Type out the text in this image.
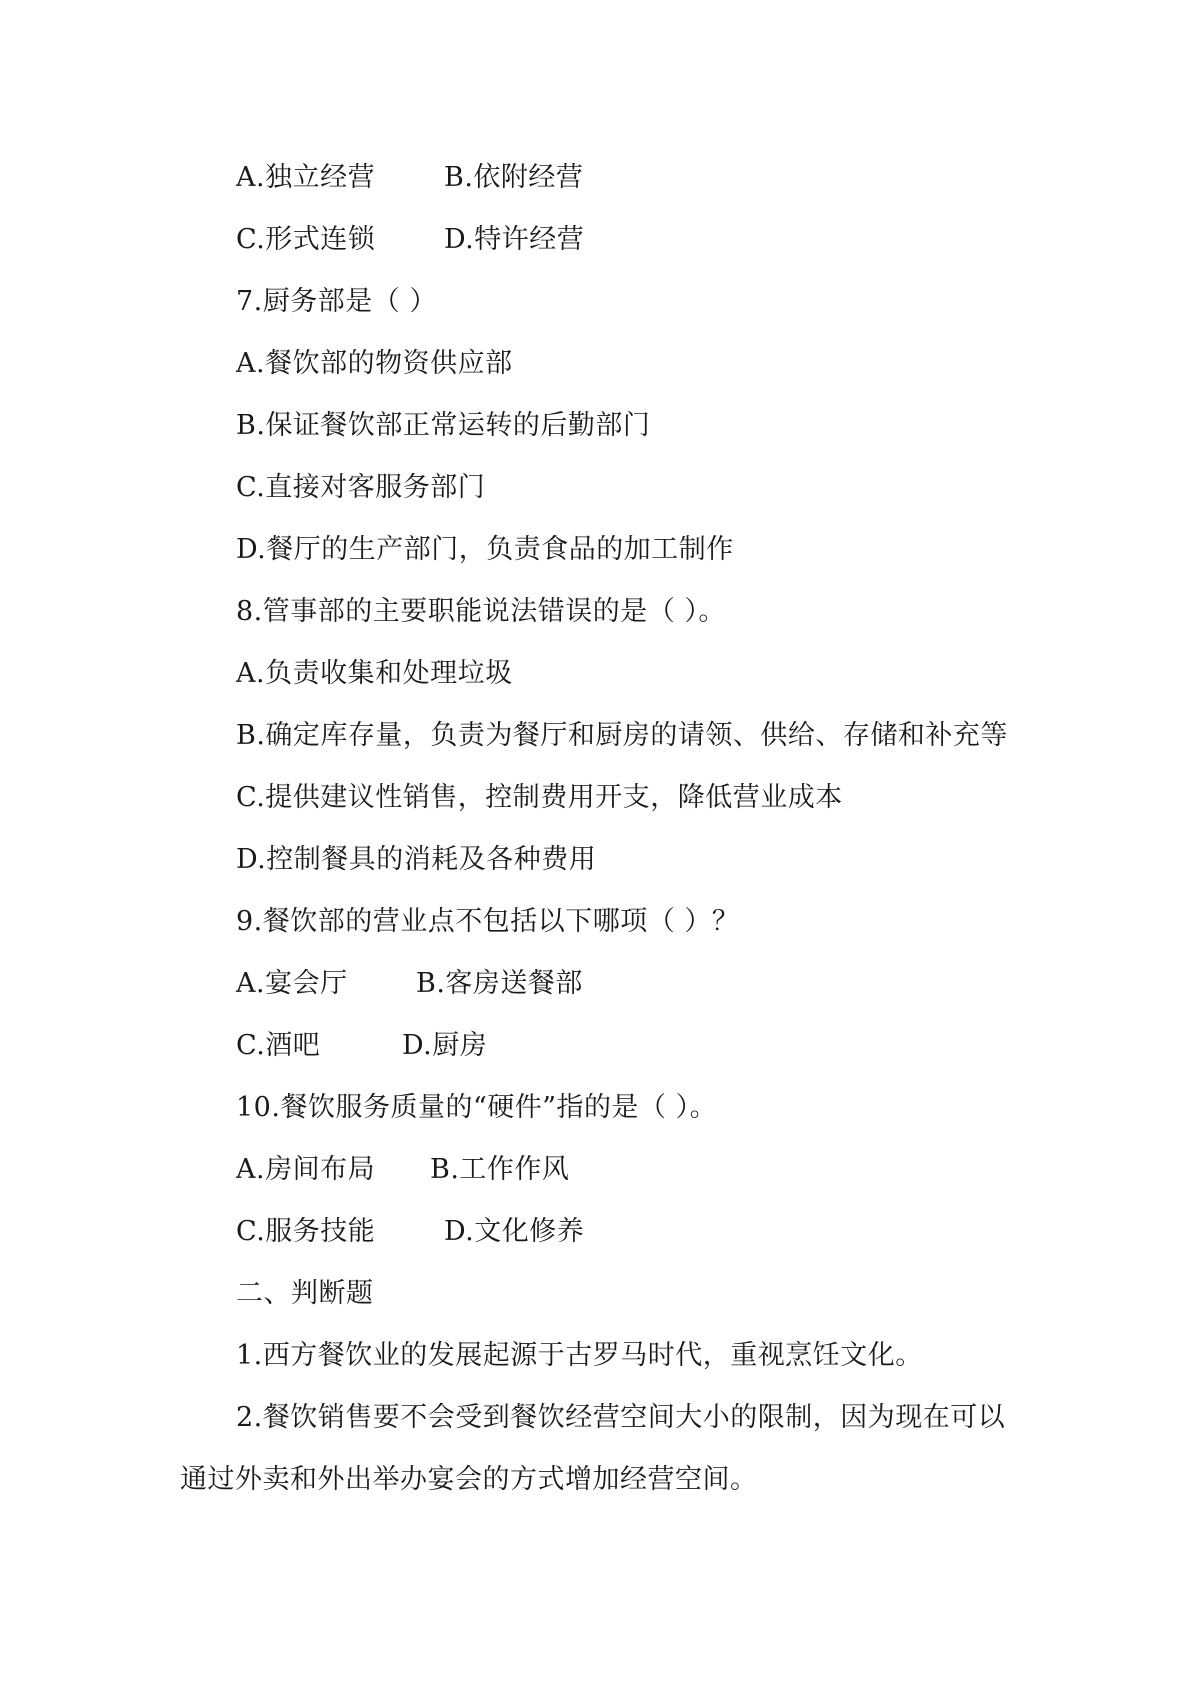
A.独立经营	B.依附经营
C.形式连锁	D.特许经营
7.厨务部是（ ）
A.餐饮部的物资供应部
B.保证餐饮部正常运转的后勤部门
C.直接对客服务部门
D.餐厅的生产部门，负责食品的加工制作
8.管事部的主要职能说法错误的是（ ）。
A.负责收集和处理垃圾
B.确定库存量，负责为餐厅和厨房的请领、供给、存储和补充等
C.提供建议性销售，控制费用开支，降低营业成本
D.控制餐具的消耗及各种费用
9.餐饮部的营业点不包括以下哪项（ ）？
A.宴会厅	B.客房送餐部
C.酒吧	D.厨房
10.餐饮服务质量的“硬件”指的是（ ）。
A.房间布局 B.工作作风
C.服务技能	D.文化修养
二、判断题
1.西方餐饮业的发展起源于古罗马时代，重视烹饪文化。
2.餐饮销售要不会受到餐饮经营空间大小的限制，因为现在可以
通过外卖和外出举办宴会的方式增加经营空间。
